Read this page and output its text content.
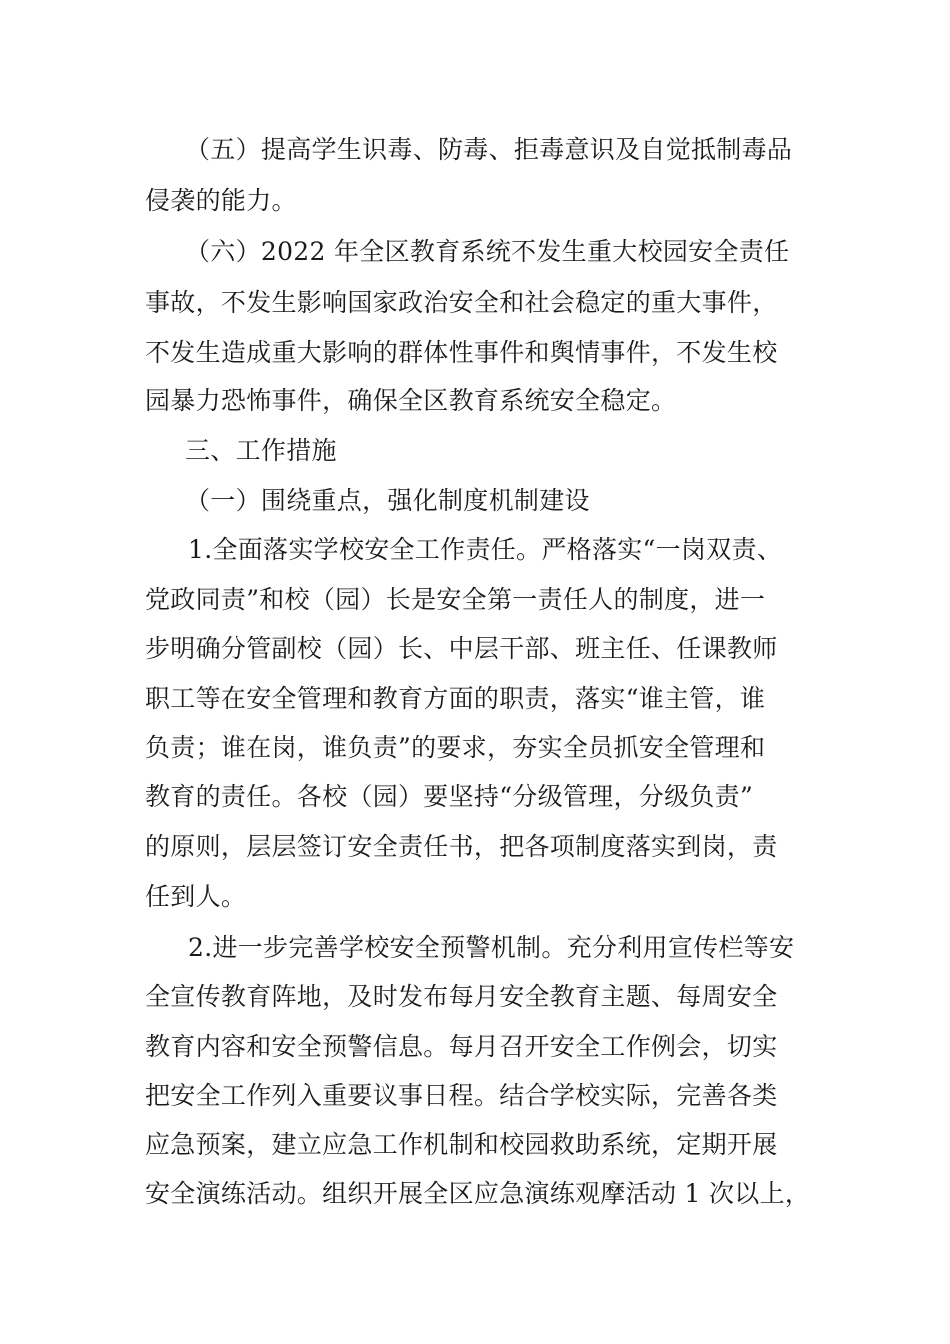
（五）提高学生识毒、防毒、拒毒意识及自觉抵制毒品
侵袭的能力。
（六）2022 年全区教育系统不发生重大校园安全责任
事故，不发生影响国家政治安全和社会稳定的重大事件，
不发生造成重大影响的群体性事件和舆情事件，不发生校
园暴力恐怖事件，确保全区教育系统安全稳定。
三、工作措施
（一）围绕重点，强化制度机制建设
1.全面落实学校安全工作责任。严格落实“一岗双责、
党政同责”和校（园）长是安全第一责任人的制度，进一
步明确分管副校（园）长、中层干部、班主任、任课教师
职工等在安全管理和教育方面的职责，落实“谁主管，谁
负责；谁在岗，谁负责”的要求，夯实全员抓安全管理和
教育的责任。各校（园）要坚持“分级管理，分级负责”
的原则，层层签订安全责任书，把各项制度落实到岗，责
任到人。
2.进一步完善学校安全预警机制。充分利用宣传栏等安
全宣传教育阵地，及时发布每月安全教育主题、每周安全
教育内容和安全预警信息。每月召开安全工作例会，切实
把安全工作列入重要议事日程。结合学校实际，完善各类
应急预案，建立应急工作机制和校园救助系统，定期开展
安全演练活动。组织开展全区应急演练观摩活动 1 次以上，
